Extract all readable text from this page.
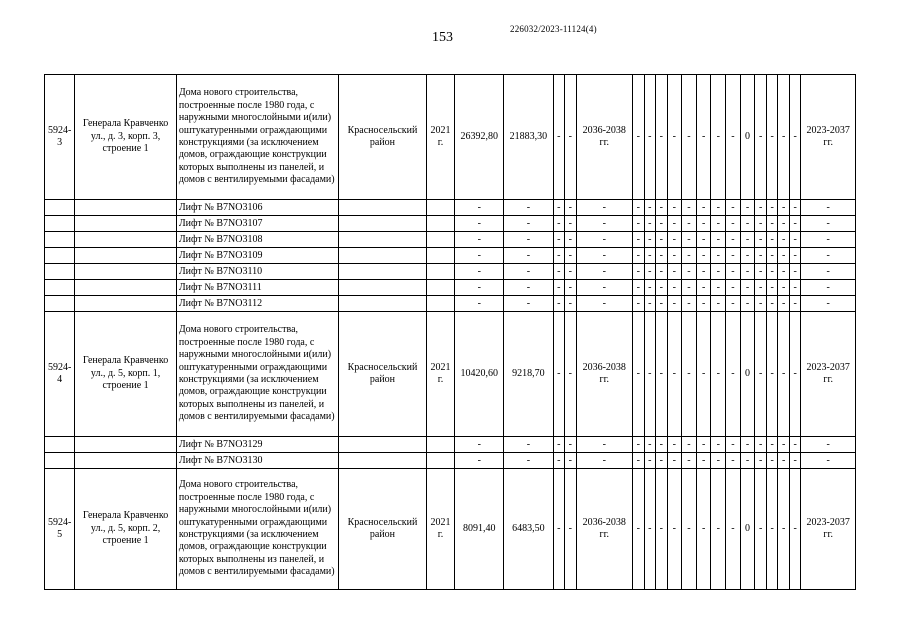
153
226032/2023-11124(4)
5924-3	Генерала Кравченко ул., д. 3, корп. 3, строение 1	Дома нового строительства, построенные после 1980 года, с наружными многослойными и(или) оштукатуренными ограждающими конструкциями (за исключением домов, ограждающие конструкции которых выполнены из панелей, и домов с вентилируемыми фасадами)	Красносельский район	2021 г.	26392,80	21883,30	-	-	2036-2038 гг.	-	-	-	-	-	-	-	-	0	-	-	-	-	2023-2037 гг.
		Лифт № В7NО3106			-	-	-	-	-	-	-	-	-	-	-	-	-	-	-	-	-	-	-
		Лифт № В7NО3107			-	-	-	-	-	-	-	-	-	-	-	-	-	-	-	-	-	-	-
		Лифт № В7NО3108			-	-	-	-	-	-	-	-	-	-	-	-	-	-	-	-	-	-	-
		Лифт № В7NО3109			-	-	-	-	-	-	-	-	-	-	-	-	-	-	-	-	-	-	-
		Лифт № В7NО3110			-	-	-	-	-	-	-	-	-	-	-	-	-	-	-	-	-	-	-
		Лифт № В7NО3111			-	-	-	-	-	-	-	-	-	-	-	-	-	-	-	-	-	-	-
		Лифт № В7NО3112			-	-	-	-	-	-	-	-	-	-	-	-	-	-	-	-	-	-	-
5924-4	Генерала Кравченко ул., д. 5, корп. 1, строение 1	Дома нового строительства, построенные после 1980 года, с наружными многослойными и(или) оштукатуренными ограждающими конструкциями (за исключением домов, ограждающие конструкции которых выполнены из панелей, и домов с вентилируемыми фасадами)	Красносельский район	2021 г.	10420,60	9218,70	-	-	2036-2038 гг.	-	-	-	-	-	-	-	-	0	-	-	-	-	2023-2037 гг.
		Лифт № В7NО3129			-	-	-	-	-	-	-	-	-	-	-	-	-	-	-	-	-	-	-
		Лифт № В7NО3130			-	-	-	-	-	-	-	-	-	-	-	-	-	-	-	-	-	-	-
5924-5	Генерала Кравченко ул., д. 5, корп. 2, строение 1	Дома нового строительства, построенные после 1980 года, с наружными многослойными и(или) оштукатуренными ограждающими конструкциями (за исключением домов, ограждающие конструкции которых выполнены из панелей, и домов с вентилируемыми фасадами)	Красносельский район	2021 г.	8091,40	6483,50	-	-	2036-2038 гг.	-	-	-	-	-	-	-	-	0	-	-	-	-	2023-2037 гг.
